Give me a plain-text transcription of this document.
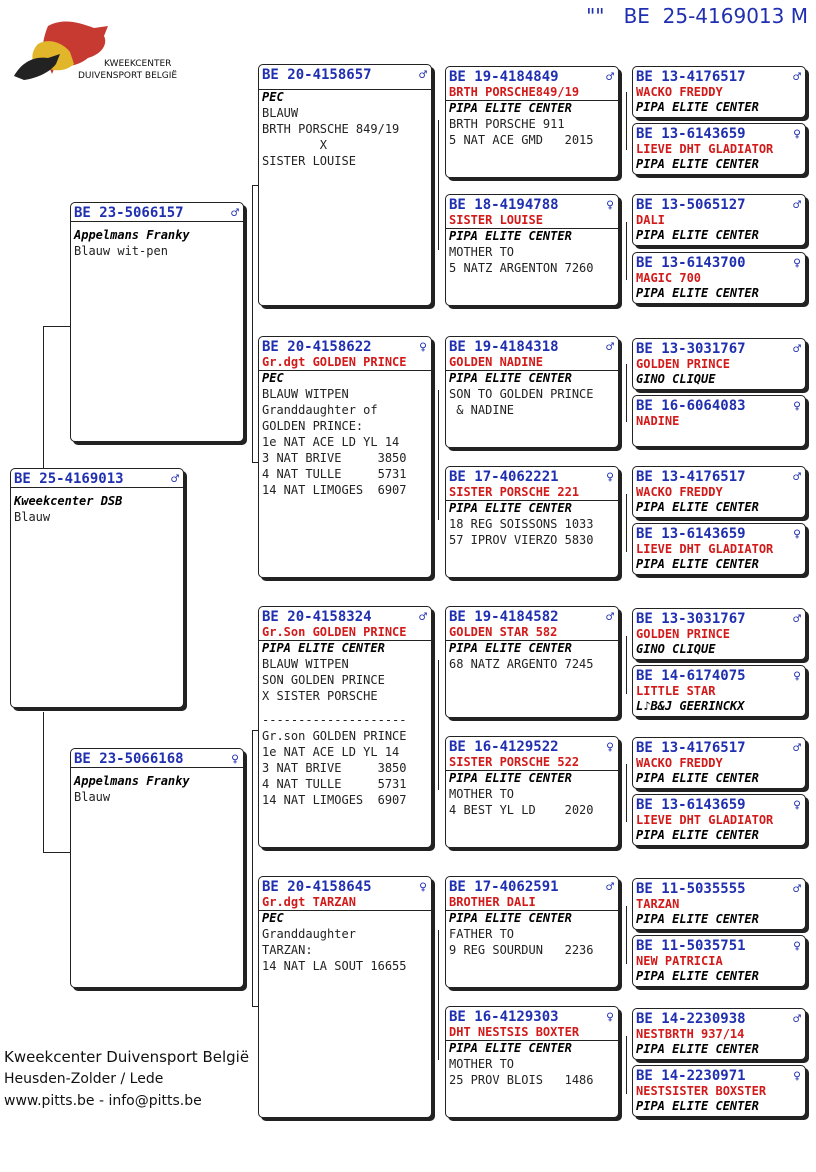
""   BE  25-4169013 M
KWEEKCENTER
DUIVENSPORT BELGIË
BE 25-4169013	♂
Kweekcenter DSB
Blauw
BE 23-5066157	♂
Appelmans Franky
Blauw wit-pen
BE 23-5066168	♀
Appelmans Franky
Blauw
BE 20-4158657	♂
PEC
BLAUW
BRTH PORSCHE 849/19
X
SISTER LOUISE
BE 20-4158622	♀
Gr.dgt GOLDEN PRINCE
PEC
BLAUW WITPEN
Granddaughter of
GOLDEN PRINCE:
1e NAT ACE LD YL 14
3 NAT BRIVE     3850
4 NAT TULLE     5731
14 NAT LIMOGES  6907
BE 20-4158324	♂
Gr.Son GOLDEN PRINCE
PIPA ELITE CENTER
BLAUW WITPEN
SON GOLDEN PRINCE
X SISTER PORSCHE
--------------------
Gr.son GOLDEN PRINCE
1e NAT ACE LD YL 14
3 NAT BRIVE     3850
4 NAT TULLE     5731
14 NAT LIMOGES  6907
BE 20-4158645	♀
Gr.dgt TARZAN
PEC
Granddaughter
TARZAN:
14 NAT LA SOUT 16655
BE 19-4184849	♂
BRTH PORSCHE849/19
PIPA ELITE CENTER
BRTH PORSCHE 911
5 NAT ACE GMD   2015
BE 18-4194788	♀
SISTER LOUISE
PIPA ELITE CENTER
MOTHER TO
5 NATZ ARGENTON 7260
BE 19-4184318	♂
GOLDEN NADINE
PIPA ELITE CENTER
SON TO GOLDEN PRINCE
& NADINE
BE 17-4062221	♀
SISTER PORSCHE 221
PIPA ELITE CENTER
18 REG SOISSONS 1033
57 IPROV VIERZO 5830
BE 19-4184582	♂
GOLDEN STAR 582
PIPA ELITE CENTER
68 NATZ ARGENTO 7245
BE 16-4129522	♀
SISTER PORSCHE 522
PIPA ELITE CENTER
MOTHER TO
4 BEST YL LD    2020
BE 17-4062591	♂
BROTHER DALI
PIPA ELITE CENTER
FATHER TO
9 REG SOURDUN   2236
BE 16-4129303	♀
DHT NESTSIS BOXTER
PIPA ELITE CENTER
MOTHER TO
25 PROV BLOIS   1486
BE 13-4176517	♂
WACKO FREDDY
PIPA ELITE CENTER
BE 13-6143659	♀
LIEVE DHT GLADIATOR
PIPA ELITE CENTER
BE 13-5065127	♂
DALI
PIPA ELITE CENTER
BE 13-6143700	♀
MAGIC 700
PIPA ELITE CENTER
BE 13-3031767	♂
GOLDEN PRINCE
GINO CLIQUE
BE 16-6064083	♀
NADINE
BE 13-4176517	♂
WACKO FREDDY
PIPA ELITE CENTER
BE 13-6143659	♀
LIEVE DHT GLADIATOR
PIPA ELITE CENTER
BE 13-3031767	♂
GOLDEN PRINCE
GINO CLIQUE
BE 14-6174075	♀
LITTLE STAR
L♪B&J GEERINCKX
BE 13-4176517	♂
WACKO FREDDY
PIPA ELITE CENTER
BE 13-6143659	♀
LIEVE DHT GLADIATOR
PIPA ELITE CENTER
BE 11-5035555	♂
TARZAN
PIPA ELITE CENTER
BE 11-5035751	♀
NEW PATRICIA
PIPA ELITE CENTER
BE 14-2230938	♂
NESTBRTH 937/14
PIPA ELITE CENTER
BE 14-2230971	♀
NESTSISTER BOXSTER
PIPA ELITE CENTER
Kweekcenter Duivensport België
Heusden-Zolder / Lede
www.pitts.be - info@pitts.be
